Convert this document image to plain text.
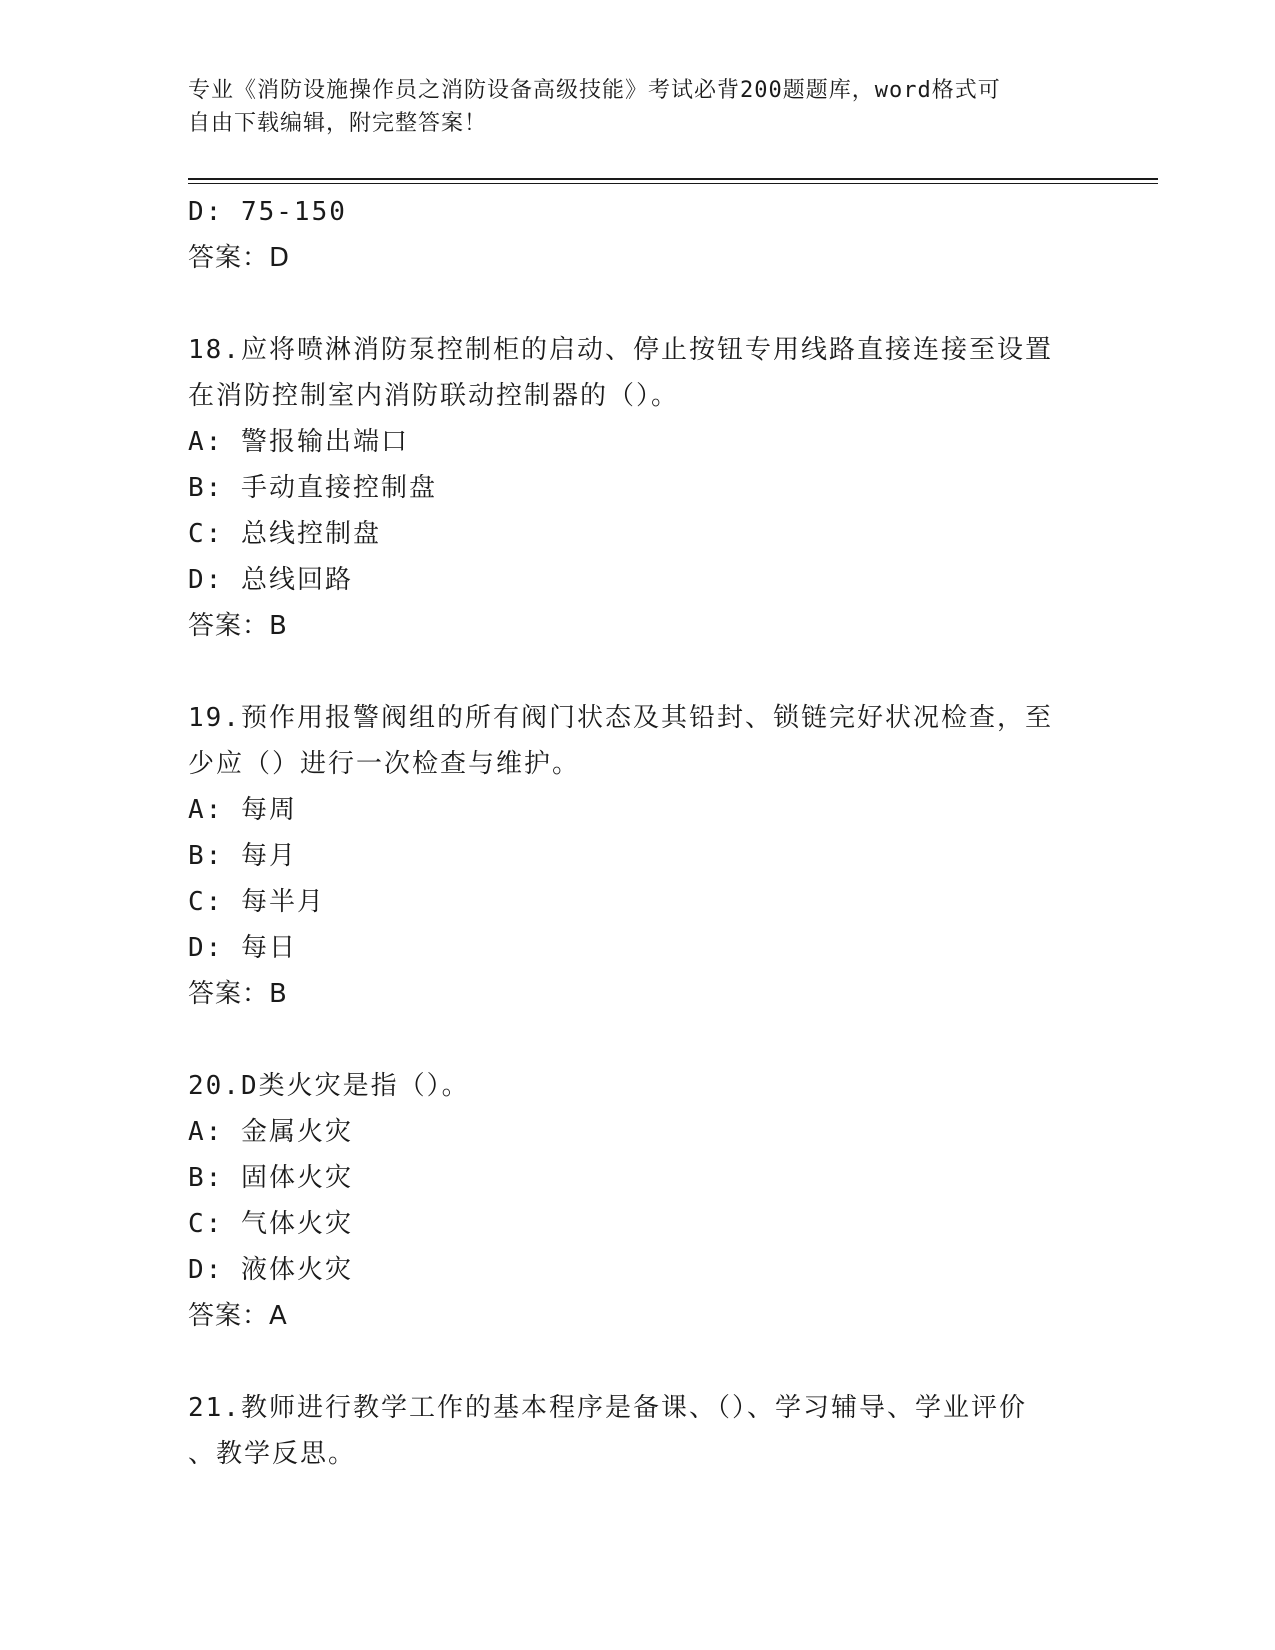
专业《消防设施操作员之消防设备高级技能》考试必背200题题库，word格式可
自由下载编辑，附完整答案！
D: 75-150
答案：D
18.应将喷淋消防泵控制柜的启动、停止按钮专用线路直接连接至设置
在消防控制室内消防联动控制器的（）。
A: 警报输出端口
B: 手动直接控制盘
C: 总线控制盘
D: 总线回路
答案：B
19.预作用报警阀组的所有阀门状态及其铅封、锁链完好状况检查，至
少应（）进行一次检查与维护。
A: 每周
B: 每月
C: 每半月
D: 每日
答案：B
20.D类火灾是指（）。
A: 金属火灾
B: 固体火灾
C: 气体火灾
D: 液体火灾
答案：A
21.教师进行教学工作的基本程序是备课、（）、学习辅导、学业评价
、教学反思。
